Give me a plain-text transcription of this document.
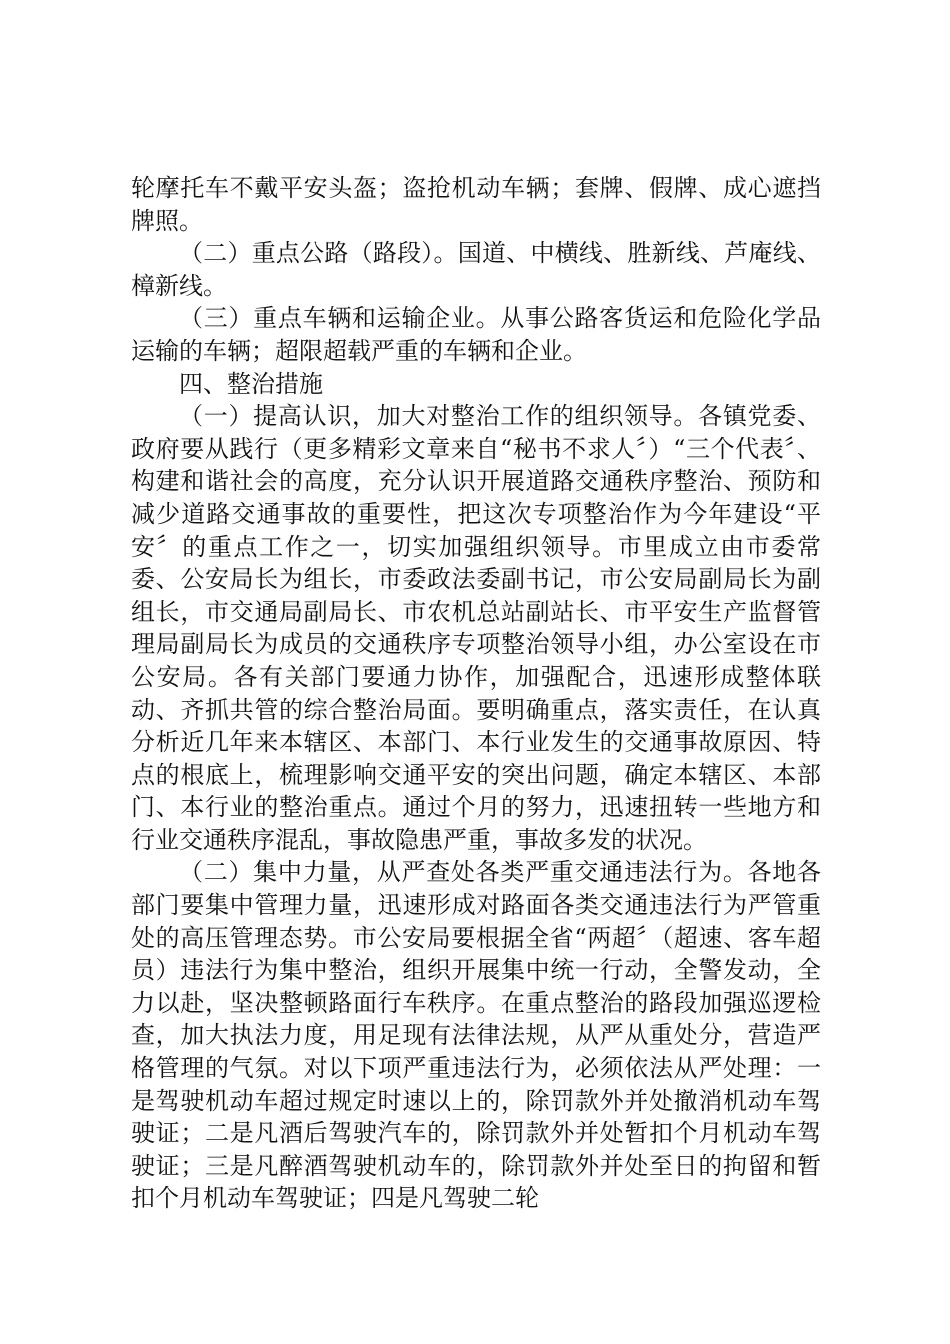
轮摩托车不戴平安头盔；盗抢机动车辆；套牌、假牌、成心遮挡牌照。

（二）重点公路（路段）。国道、中横线、胜新线、芦庵线、樟新线。

（三）重点车辆和运输企业。从事公路客货运和危险化学品运输的车辆；超限超载严重的车辆和企业。

四、整治措施

（一）提高认识，加大对整治工作的组织领导。各镇党委、政府要从践行（更多精彩文章来自“秘书不求人〞）“三个代表〞、构建和谐社会的高度，充分认识开展道路交通秩序整治、预防和减少道路交通事故的重要性，把这次专项整治作为今年建设“平安〞的重点工作之一，切实加强组织领导。市里成立由市委常委、公安局长为组长，市委政法委副书记，市公安局副局长为副组长，市交通局副局长、市农机总站副站长、市平安生产监督管理局副局长为成员的交通秩序专项整治领导小组，办公室设在市公安局。各有关部门要通力协作，加强配合，迅速形成整体联动、齐抓共管的综合整治局面。要明确重点，落实责任，在认真分析近几年来本辖区、本部门、本行业发生的交通事故原因、特点的根底上，梳理影响交通平安的突出问题，确定本辖区、本部门、本行业的整治重点。通过个月的努力，迅速扭转一些地方和行业交通秩序混乱，事故隐患严重，事故多发的状况。

（二）集中力量，从严查处各类严重交通违法行为。各地各部门要集中管理力量，迅速形成对路面各类交通违法行为严管重处的高压管理态势。市公安局要根据全省“两超〞（超速、客车超员）违法行为集中整治，组织开展集中统一行动，全警发动，全力以赴，坚决整顿路面行车秩序。在重点整治的路段加强巡逻检查，加大执法力度，用足现有法律法规，从严从重处分，营造严格管理的气氛。对以下项严重违法行为，必须依法从严处理：一是驾驶机动车超过规定时速以上的，除罚款外并处撤消机动车驾驶证；二是凡酒后驾驶汽车的，除罚款外并处暂扣个月机动车驾驶证；三是凡醉酒驾驶机动车的，除罚款外并处至日的拘留和暂扣个月机动车驾驶证；四是凡驾驶二轮
